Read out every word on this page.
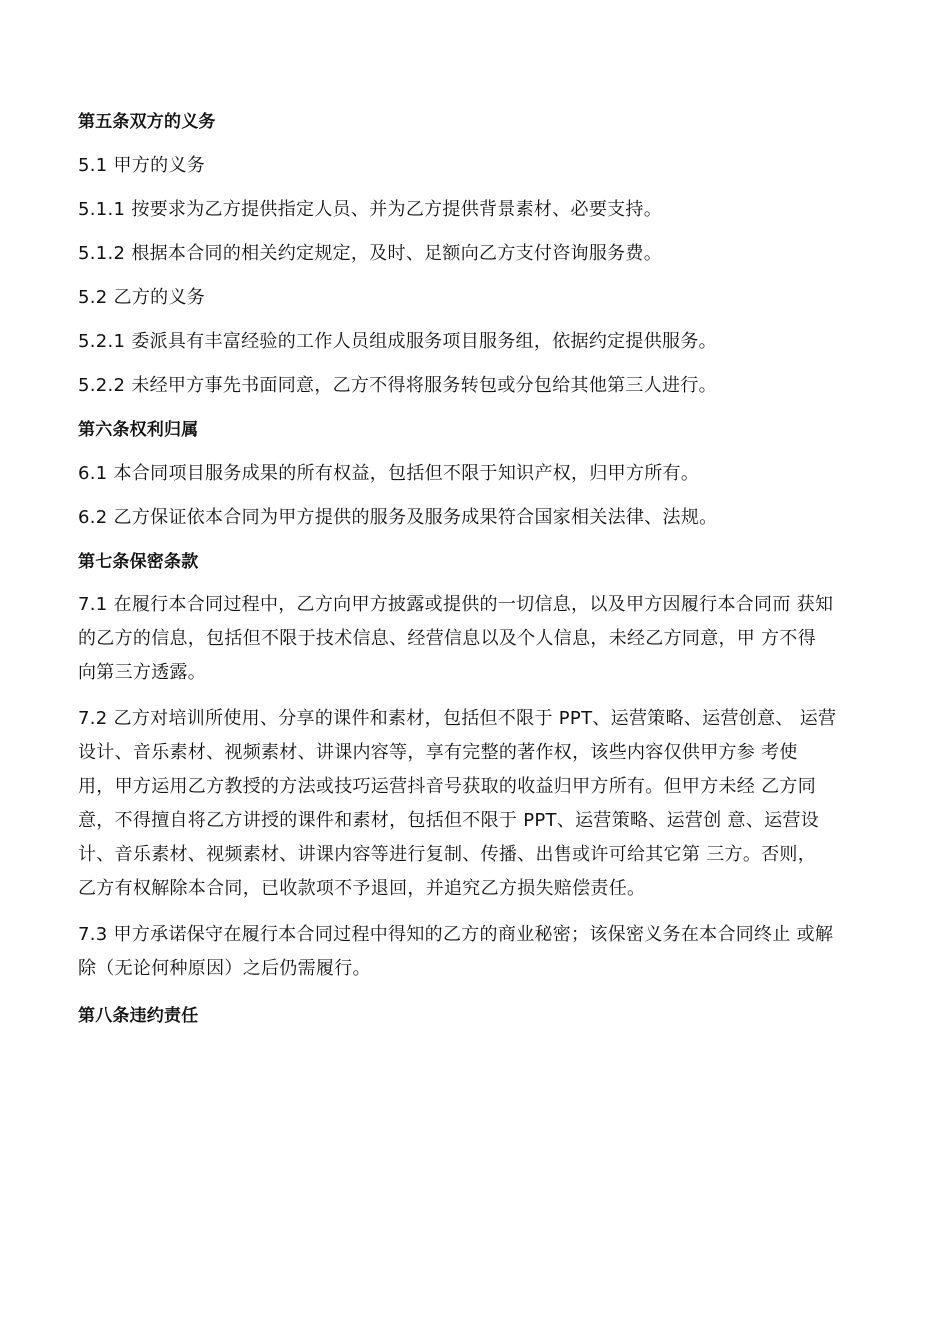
第五条双方的义务
5.1 甲方的义务
5.1.1 按要求为乙方提供指定人员、并为乙方提供背景素材、必要支持。
5.1.2 根据本合同的相关约定规定，及时、足额向乙方支付咨询服务费。
5.2 乙方的义务
5.2.1 委派具有丰富经验的工作人员组成服务项目服务组，依据约定提供服务。
5.2.2 未经甲方事先书面同意，乙方不得将服务转包或分包给其他第三人进行。
第六条权利归属
6.1 本合同项目服务成果的所有权益，包括但不限于知识产权，归甲方所有。
6.2 乙方保证依本合同为甲方提供的服务及服务成果符合国家相关法律、法规。
第七条保密条款
7.1 在履行本合同过程中，乙方向甲方披露或提供的一切信息，以及甲方因履行本合同而 获知
的乙方的信息，包括但不限于技术信息、经营信息以及个人信息，未经乙方同意，甲 方不得
向第三方透露。
7.2 乙方对培训所使用、分享的课件和素材，包括但不限于 PPT、运营策略、运营创意、 运营
设计、音乐素材、视频素材、讲课内容等，享有完整的著作权，该些内容仅供甲方参 考使
用，甲方运用乙方教授的方法或技巧运营抖音号获取的收益归甲方所有。但甲方未经 乙方同
意，不得擅自将乙方讲授的课件和素材，包括但不限于 PPT、运营策略、运营创 意、运营设
计、音乐素材、视频素材、讲课内容等进行复制、传播、出售或许可给其它第 三方。否则，
乙方有权解除本合同，已收款项不予退回，并追究乙方损失赔偿责任。
7.3 甲方承诺保守在履行本合同过程中得知的乙方的商业秘密；该保密义务在本合同终止 或解
除（无论何种原因）之后仍需履行。
第八条违约责任
